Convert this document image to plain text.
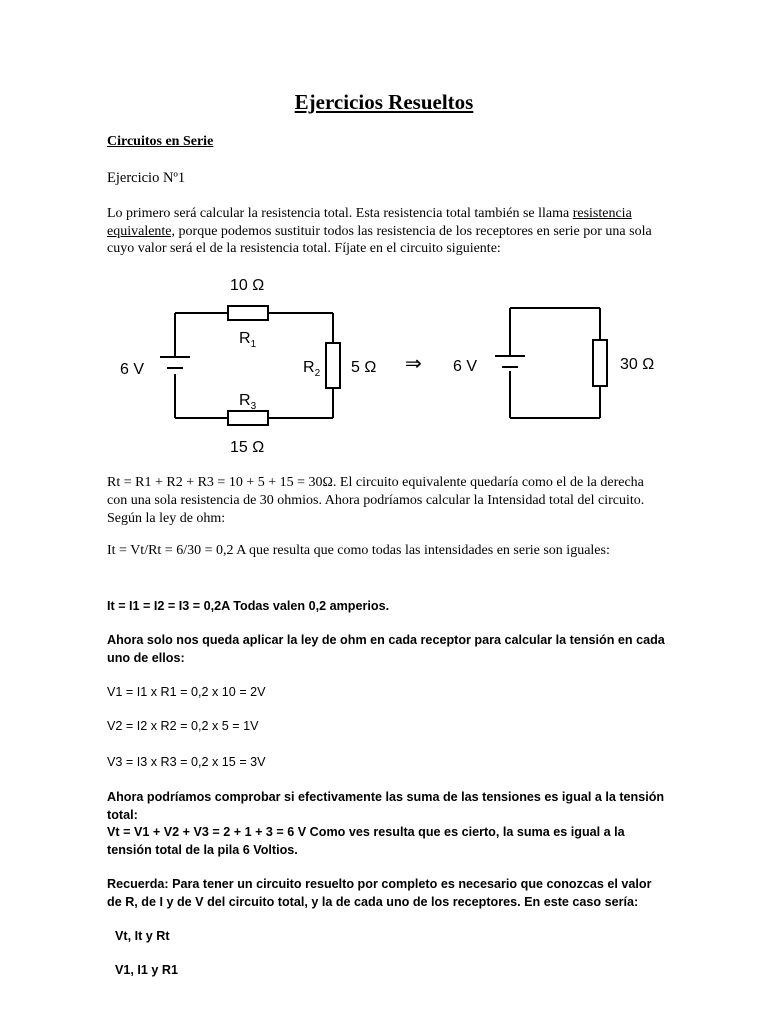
Ejercicios Resueltos
Circuitos en Serie
Ejercicio Nº1
Lo primero será calcular la resistencia total. Esta resistencia total también se llama resistencia equivalente, porque podemos sustituir todos las resistencia de los receptores en serie por una sola cuyo valor será el de la resistencia total. Fíjate en el circuito siguiente:
6 V
10 Ω
$R_1$
$R_2$ 5 Ω
$R_3$
15 Ω
6 V	30 Ω
⇒
Rt = R1 + R2 + R3 = 10 + 5 + 15 = 30Ω. El circuito equivalente quedaría como el de la derecha con una sola resistencia de 30 ohmios. Ahora podríamos calcular la Intensidad total del circuito. Según la ley de ohm:
It = Vt/Rt = 6/30 = 0,2 A que resulta que como todas las intensidades en serie son iguales:
It = I1 = I2 = I3 = 0,2A Todas valen 0,2 amperios.
Ahora solo nos queda aplicar la ley de ohm en cada receptor para calcular la tensión en cada uno de ellos:
V1 = I1 x R1 = 0,2 x 10 = 2V
V2 = I2 x R2 = 0,2 x 5 = 1V
V3 = I3 x R3 = 0,2 x 15 = 3V
Ahora podríamos comprobar si efectivamente las suma de las tensiones es igual a la tensión total:
Vt = V1 + V2 + V3 = 2 + 1 + 3 = 6 V Como ves resulta que es cierto, la suma es igual a la tensión total de la pila 6 Voltios.
Recuerda: Para tener un circuito resuelto por completo es necesario que conozcas el valor de R, de I y de V del circuito total, y la de cada uno de los receptores. En este caso sería:
Vt, It y Rt
V1, I1 y R1
